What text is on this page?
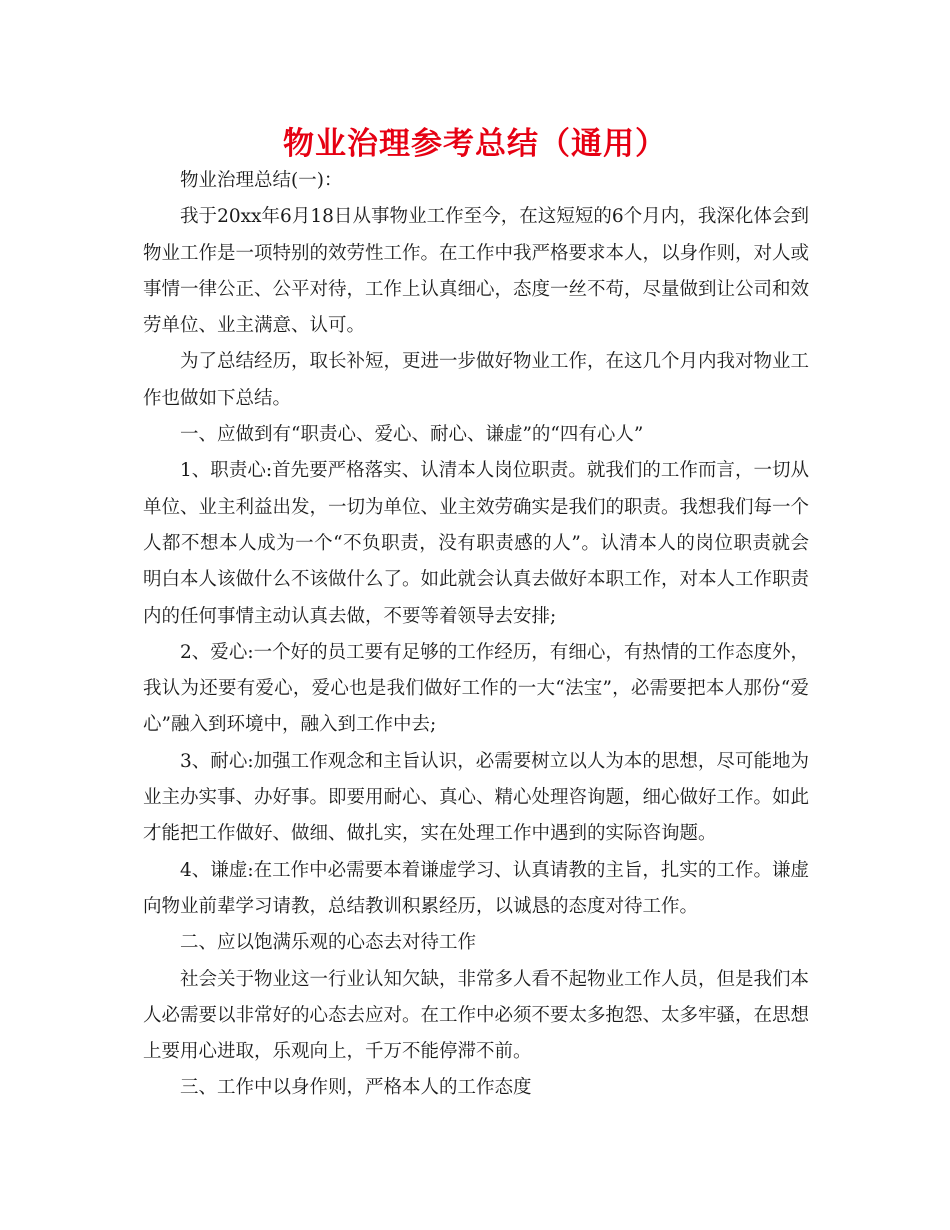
物业治理参考总结（通用）

物业治理总结(一)：

我于20xx年6月18日从事物业工作至今，在这短短的6个月内，我深化体会到物业工作是一项特别的效劳性工作。在工作中我严格要求本人，以身作则，对人或事情一律公正、公平对待，工作上认真细心，态度一丝不苟，尽量做到让公司和效劳单位、业主满意、认可。

为了总结经历，取长补短，更进一步做好物业工作，在这几个月内我对物业工作也做如下总结。

一、应做到有“职责心、爱心、耐心、谦虚”的“四有心人”

1、职责心:首先要严格落实、认清本人岗位职责。就我们的工作而言，一切从单位、业主利益出发，一切为单位、业主效劳确实是我们的职责。我想我们每一个人都不想本人成为一个“不负职责，没有职责感的人”。认清本人的岗位职责就会明白本人该做什么不该做什么了。如此就会认真去做好本职工作，对本人工作职责内的任何事情主动认真去做，不要等着领导去安排;

2、爱心:一个好的员工要有足够的工作经历，有细心，有热情的工作态度外，我认为还要有爱心，爱心也是我们做好工作的一大“法宝”，必需要把本人那份“爱心”融入到环境中，融入到工作中去;

3、耐心:加强工作观念和主旨认识，必需要树立以人为本的思想，尽可能地为业主办实事、办好事。即要用耐心、真心、精心处理咨询题，细心做好工作。如此才能把工作做好、做细、做扎实，实在处理工作中遇到的实际咨询题。

4、谦虚:在工作中必需要本着谦虚学习、认真请教的主旨，扎实的工作。谦虚向物业前辈学习请教，总结教训积累经历，以诚恳的态度对待工作。

二、应以饱满乐观的心态去对待工作

社会关于物业这一行业认知欠缺，非常多人看不起物业工作人员，但是我们本人必需要以非常好的心态去应对。在工作中必须不要太多抱怨、太多牢骚，在思想上要用心进取，乐观向上，千万不能停滞不前。

三、工作中以身作则，严格本人的工作态度
